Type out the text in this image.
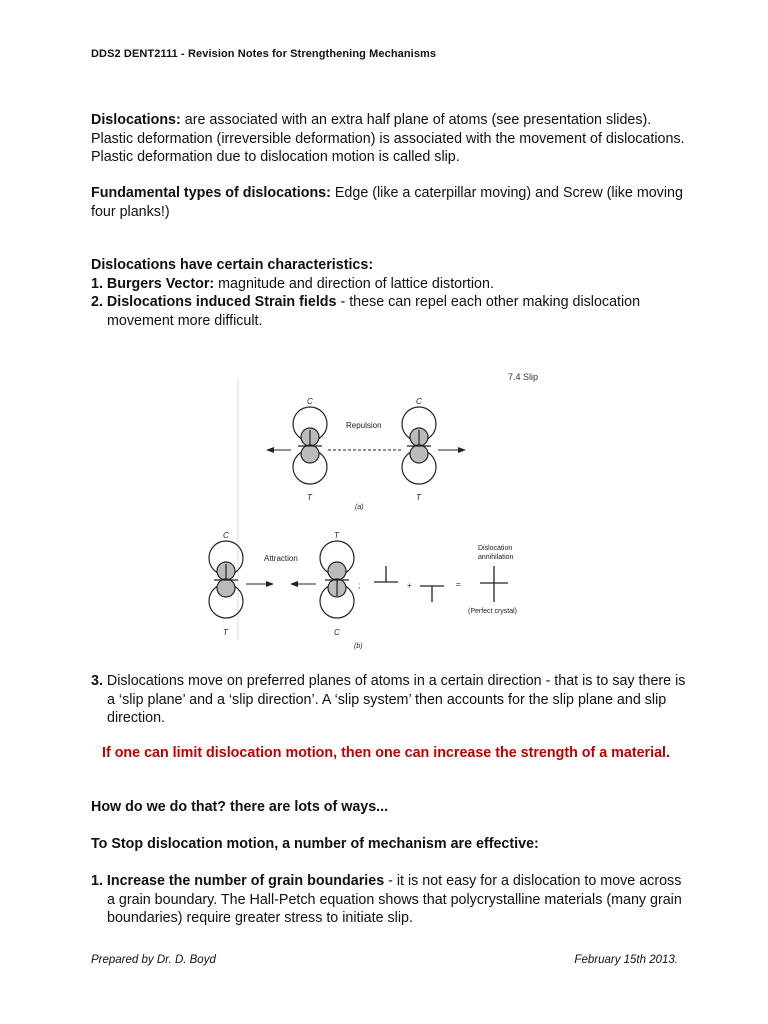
DDS2 DENT2111 - Revision Notes for Strengthening Mechanisms
Dislocations: are associated with an extra half plane of atoms (see presentation slides). Plastic deformation (irreversible deformation) is associated with the movement of dislocations. Plastic deformation due to dislocation motion is called slip.
Fundamental types of dislocations: Edge (like a caterpillar moving) and Screw (like moving four planks!)
Dislocations have certain characteristics:
1. Burgers Vector: magnitude and direction of lattice distortion.
2. Dislocations induced Strain fields - these can repel each other making dislocation movement more difficult.
7.4 Slip
C	C
Repulsion
T	T
(a)
C	T
Attraction
;	+	=
Dislocation
annihilation
(Perfect crystal)
T	C
(b)
3. Dislocations move on preferred planes of atoms in a certain direction - that is to say there is a ‘slip plane’ and a ‘slip direction’. A ‘slip system’ then accounts for the slip plane and slip direction.
If one can limit dislocation motion, then one can increase the strength of a material.
How do we do that? there are lots of ways...
To Stop dislocation motion, a number of mechanism are effective:
1. Increase the number of grain boundaries - it is not easy for a dislocation to move across a grain boundary. The Hall-Petch equation shows that polycrystalline materials (many grain boundaries) require greater stress to initiate slip.
Prepared by Dr. D. Boyd	February 15th 2013.
